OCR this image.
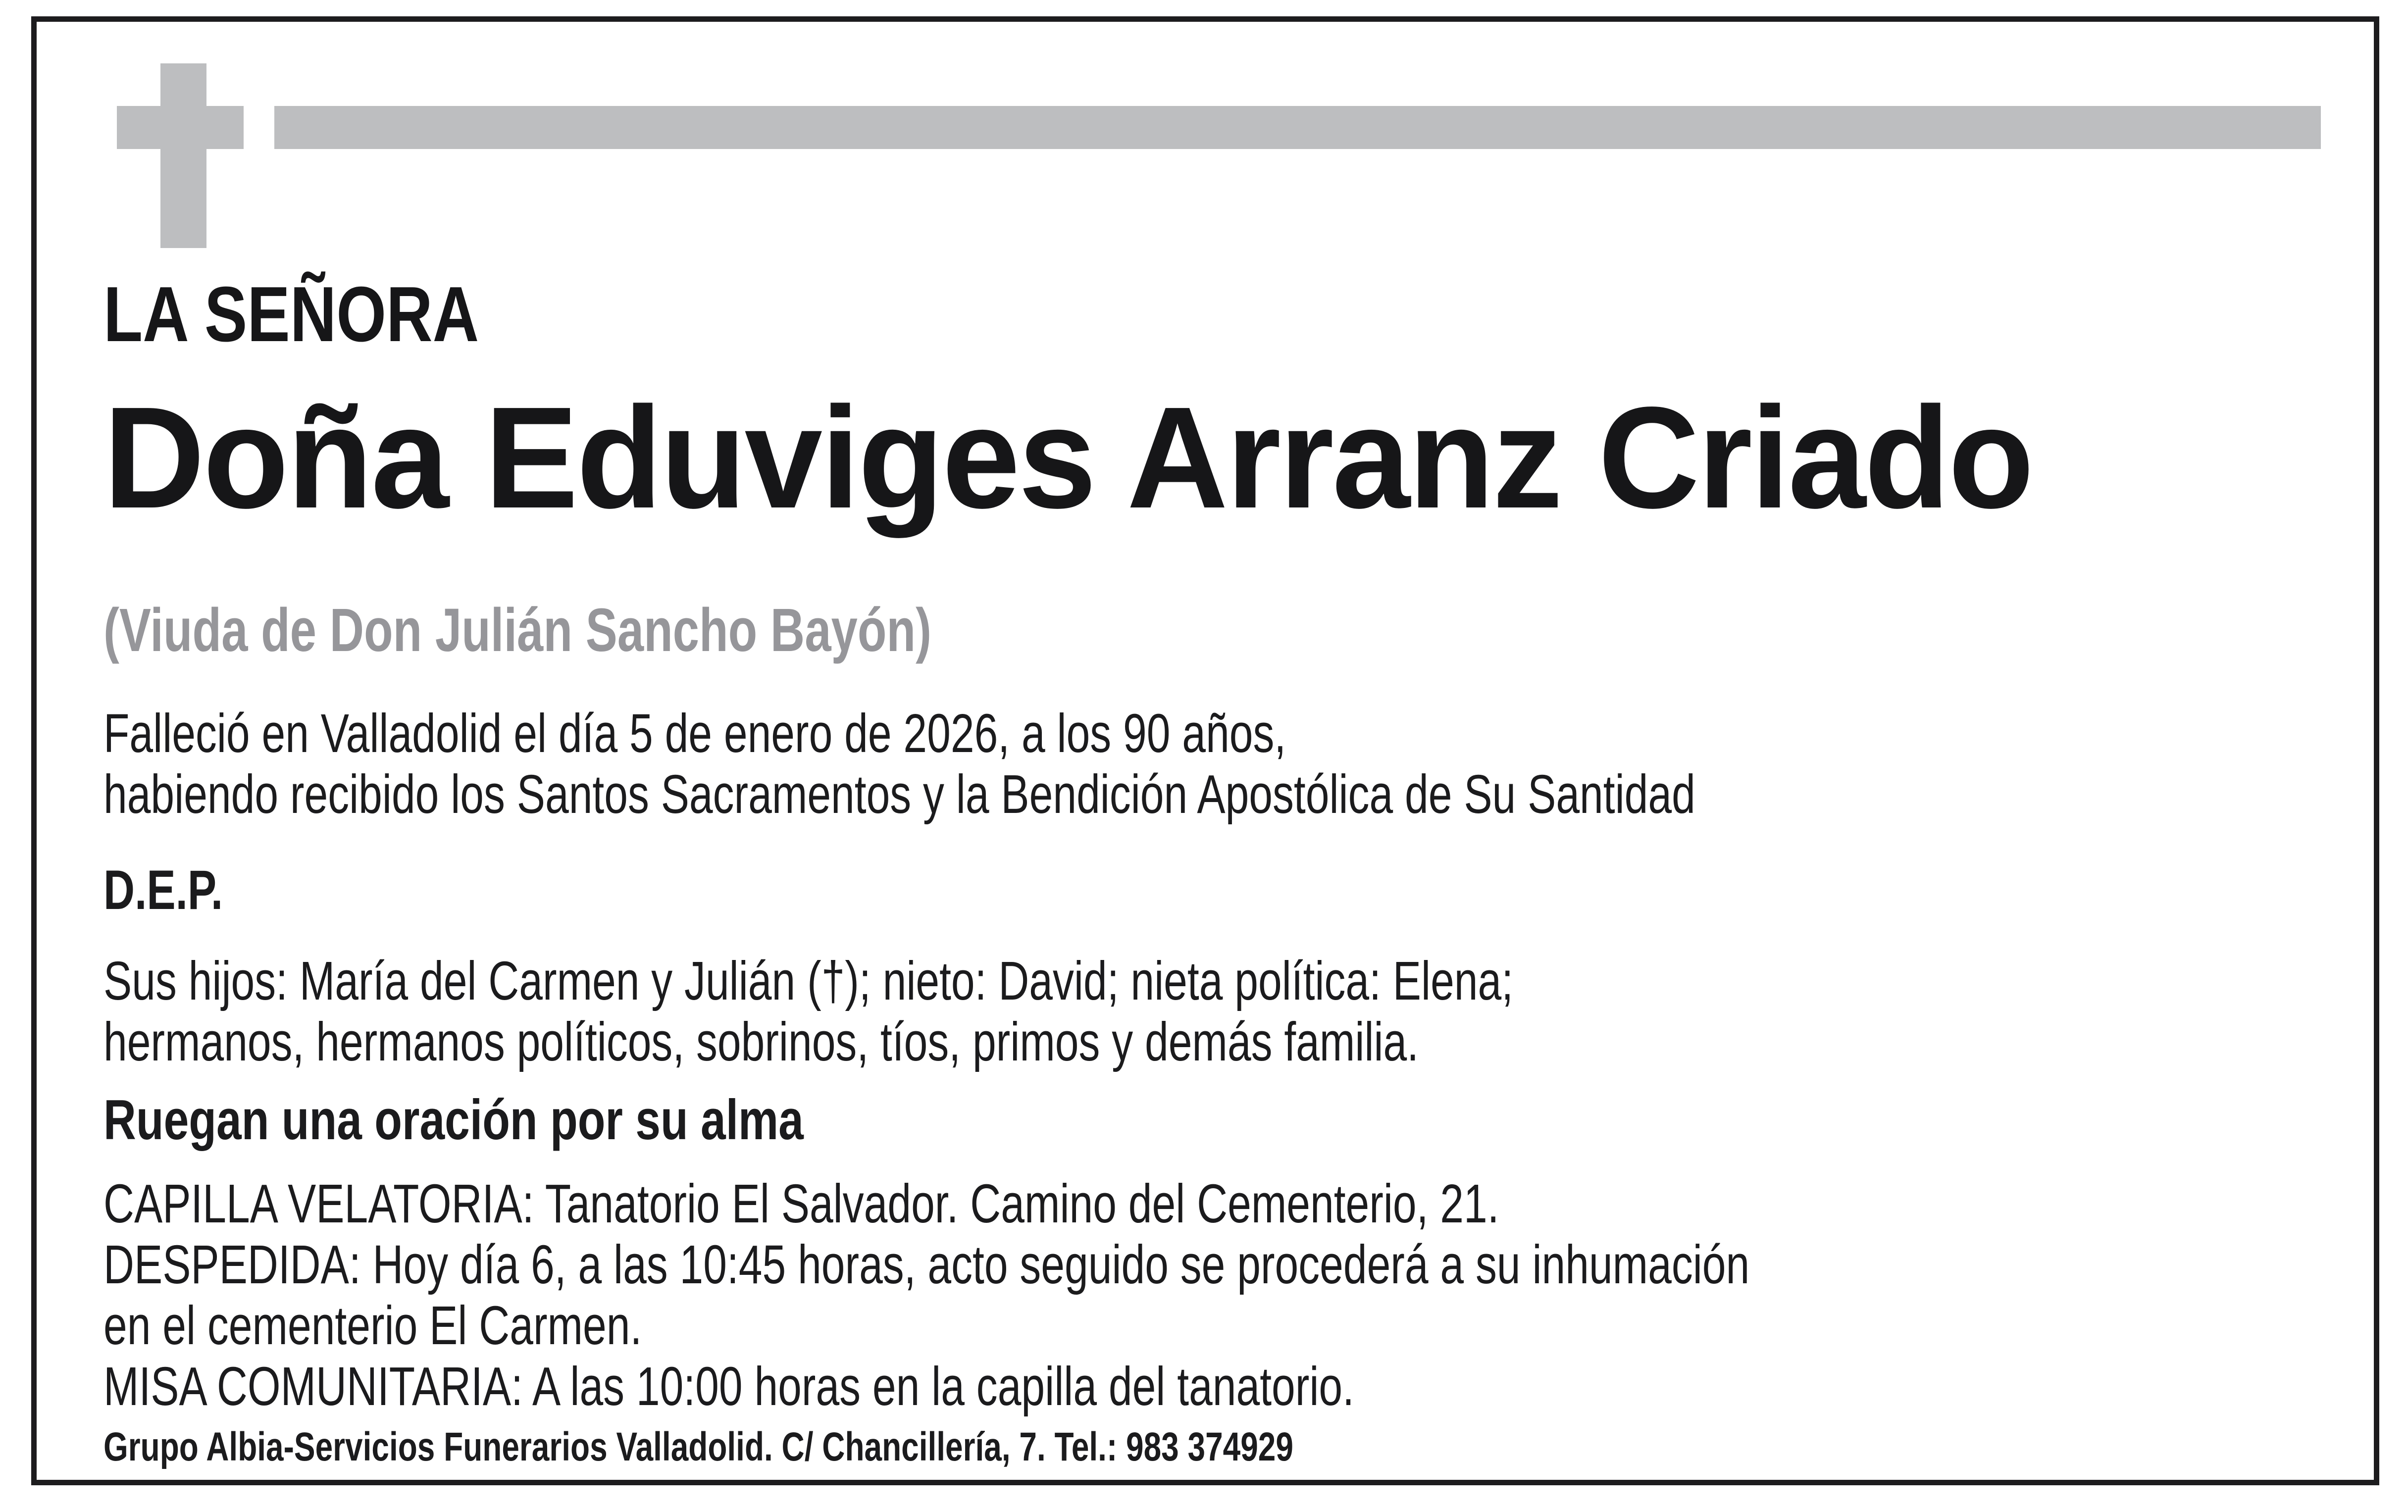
LA SEÑORA
Doña Eduviges Arranz Criado
(Viuda de Don Julián Sancho Bayón)
Falleció en Valladolid el día 5 de enero de 2026, a los 90 años,
habiendo recibido los Santos Sacramentos y la Bendición Apostólica de Su Santidad
D.E.P.
Sus hijos: María del Carmen y Julián (†); nieto: David; nieta política: Elena;
hermanos, hermanos políticos, sobrinos, tíos, primos y demás familia.
Ruegan una oración por su alma
CAPILLA VELATORIA: Tanatorio El Salvador. Camino del Cementerio, 21.
DESPEDIDA: Hoy día 6, a las 10:45 horas, acto seguido se procederá a su inhumación
en el cementerio El Carmen.
MISA COMUNITARIA: A las 10:00 horas en la capilla del tanatorio.
Grupo Albia-Servicios Funerarios Valladolid. C/ Chancillería, 7. Tel.: 983 374929
